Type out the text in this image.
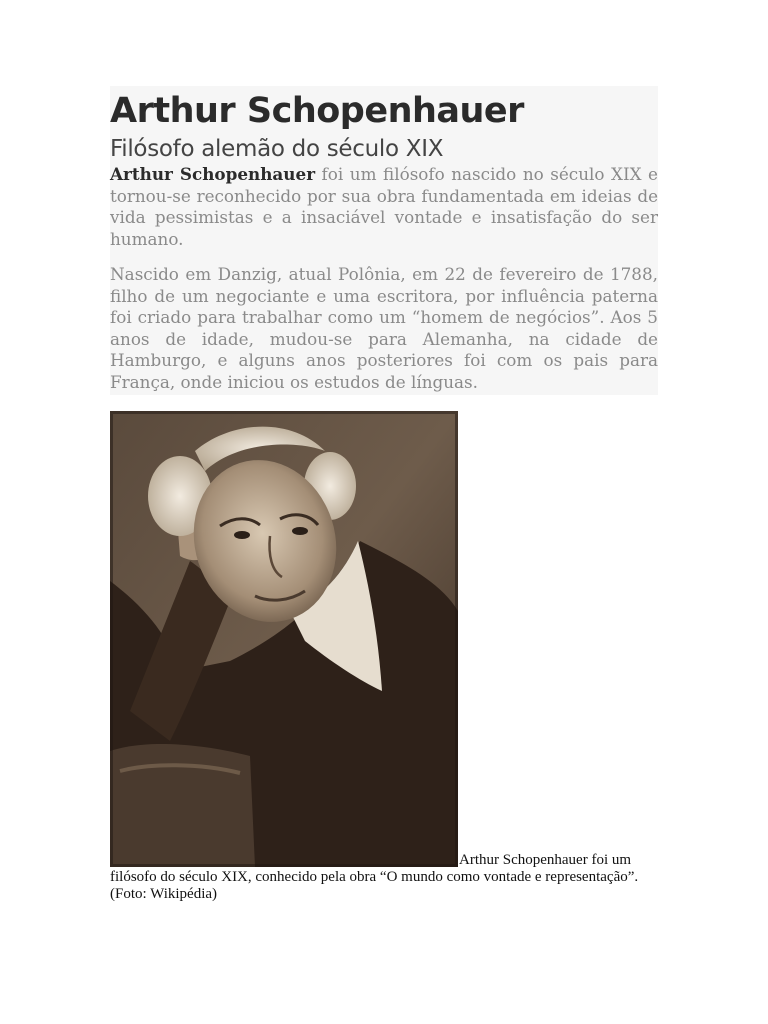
Arthur Schopenhauer
Filósofo alemão do século XIX

Arthur Schopenhauer foi um filósofo nascido no século XIX e tornou-se reconhecido por sua obra fundamentada em ideias de vida pessimistas e a insaciável vontade e insatisfação do ser humano.

Nascido em Danzig, atual Polônia, em 22 de fevereiro de 1788, filho de um negociante e uma escritora, por influência paterna foi criado para trabalhar como um “homem de negócios”. Aos 5 anos de idade, mudou-se para Alemanha, na cidade de Hamburgo, e alguns anos posteriores foi com os pais para França, onde iniciou os estudos de línguas.

Arthur Schopenhauer foi um
filósofo do século XIX, conhecido pela obra “O mundo como vontade e representação”. (Foto: Wikipédia)
